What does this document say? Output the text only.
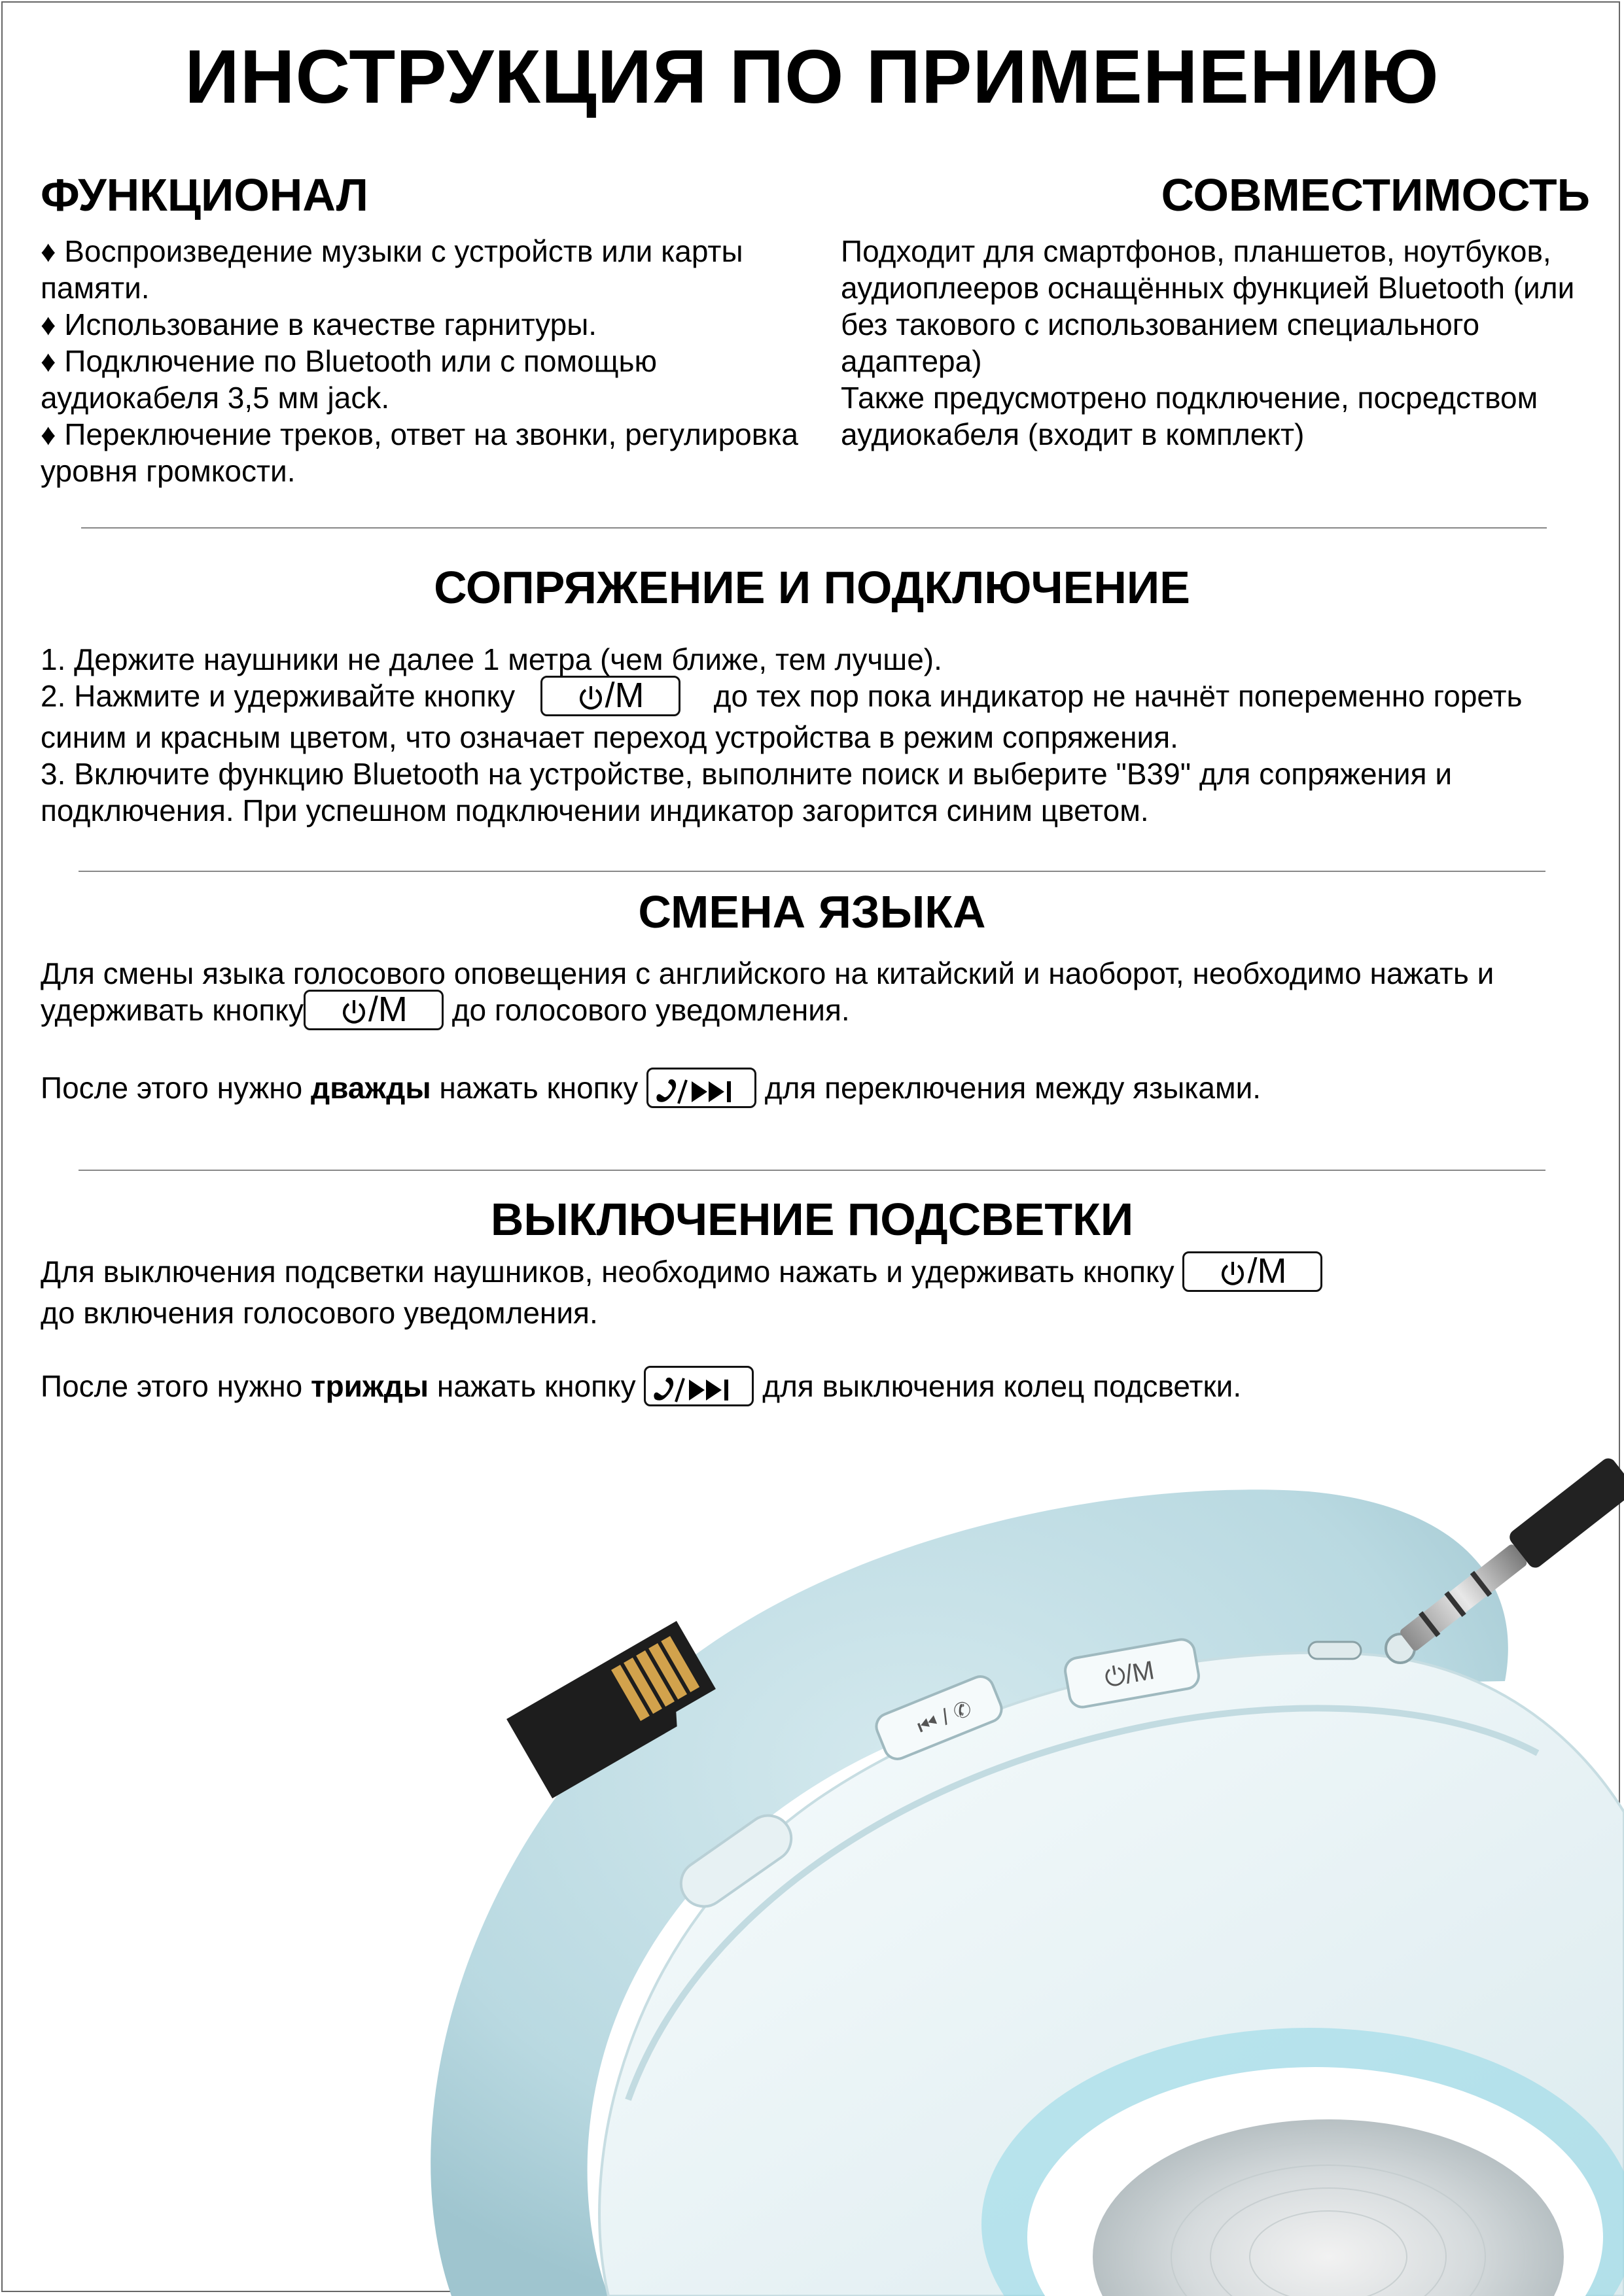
ИНСТРУКЦИЯ ПО ПРИМЕНЕНИЮ
ФУНКЦИОНАЛ

♦ Воспроизведение музыки с устройств или карты памяти.

♦ Использование в качестве гарнитуры.

♦ Подключение по Bluetooth или с помощью аудиокабеля 3,5 мм jack.

♦ Переключение треков, ответ на звонки, регулировка уровня громкости.

СОВМЕСТИМОСТЬ

Подходит для смартфонов, планшетов, ноутбуков, аудиоплееров оснащённых функцией Bluetooth (или без такового с использованием специального адаптера)

Также предусмотрено подключение, посредством аудиокабеля (входит в комплект)

СОПРЯЖЕНИЕ И ПОДКЛЮЧЕНИЕ

1. Держите наушники не далее 1 метра (чем ближе, тем лучше).

2. Нажмите и удерживайте кнопку	/M до тех пор пока индикатор не начнёт попеременно гореть синим и красным цветом, что означает переход устройства в режим сопряжения.

3. Включите функцию Bluetooth на устройстве, выполните поиск и выберите "B39" для сопряжения и подключения. При успешном подключении индикатор загорится синим цветом.

СМЕНА ЯЗЫКА

Для смены языка голосового оповещения с английского на китайский и наоборот, необходимо нажать и удерживать кнопку /M до голосового уведомления.

После этого нужно дважды нажать кнопку	для переключения между языками.

ВЫКЛЮЧЕНИЕ ПОДСВЕТКИ

Для выключения подсветки наушников, необходимо нажать и удерживать кнопку /M
до включения голосового уведомления.

После этого нужно трижды нажать кнопку	для выключения колец подсветки.

⏮ / ✆
⏻/M
